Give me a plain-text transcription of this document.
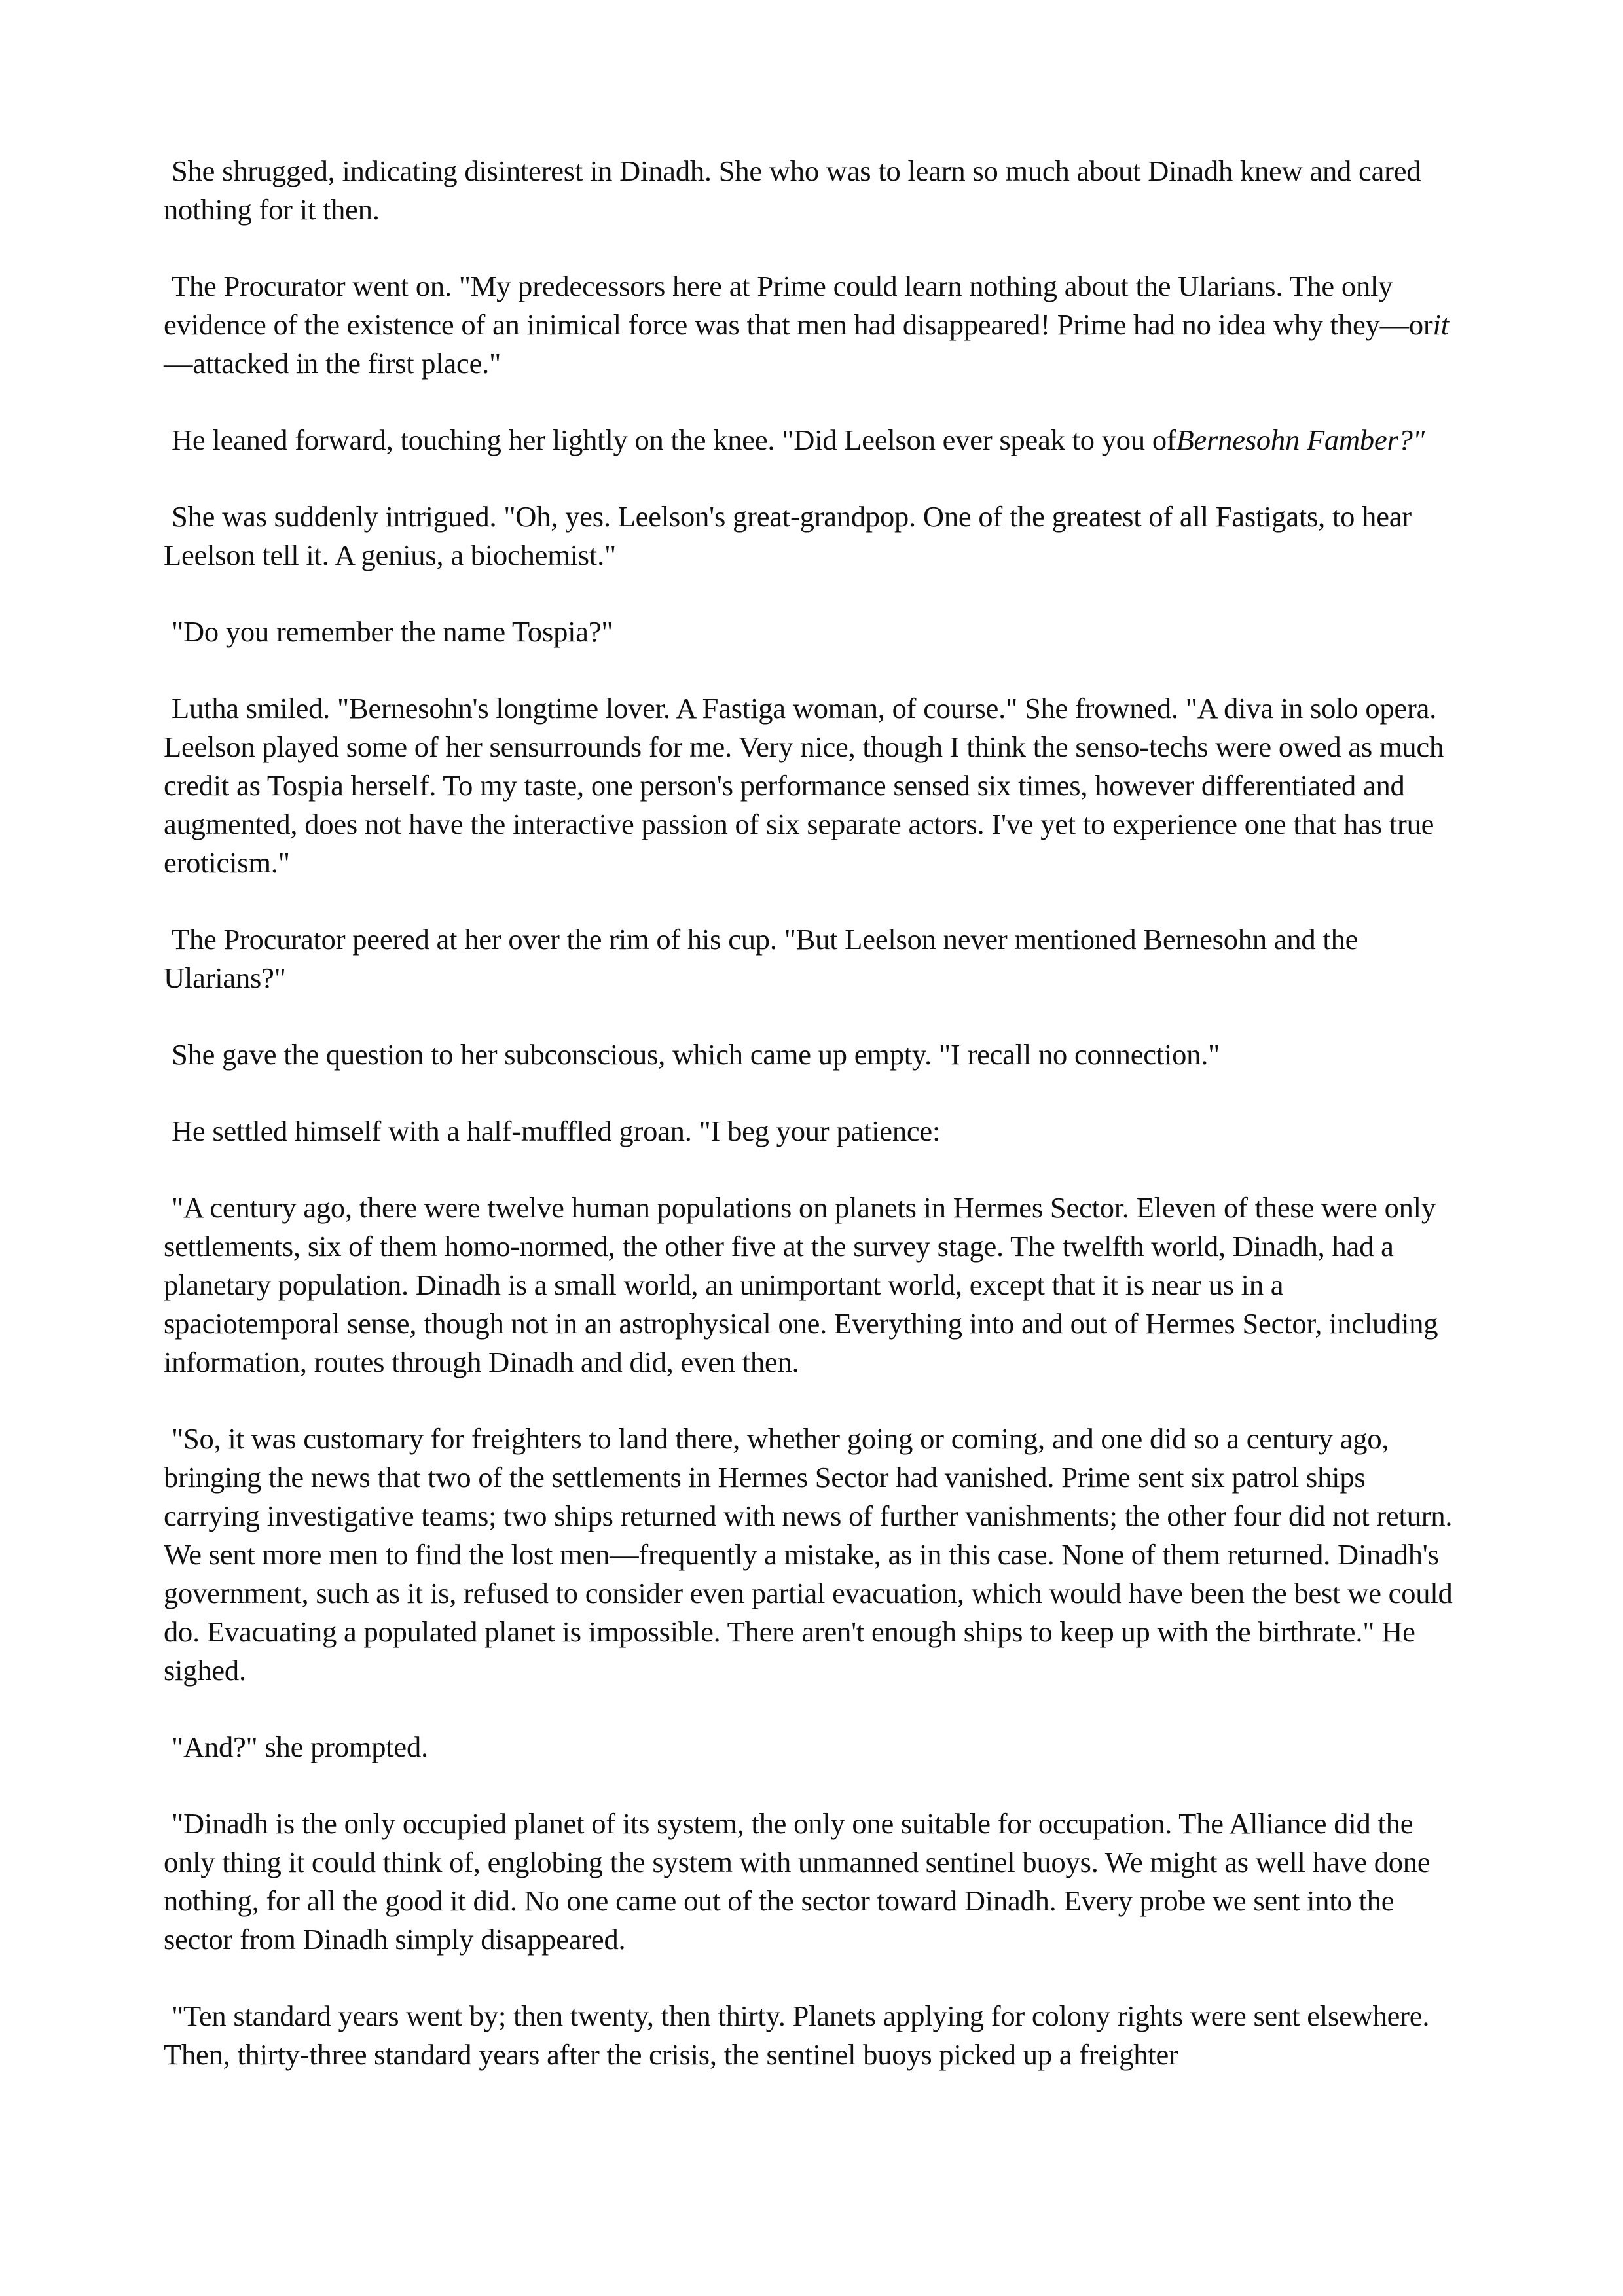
She shrugged, indicating disinterest in Dinadh. She who was to learn so much about Dinadh knew and cared nothing for it then.

The Procurator went on. "My predecessors here at Prime could learn nothing about the Ularians. The only evidence of the existence of an inimical force was that men had disappeared! Prime had no idea why they—orit —attacked in the first place."

He leaned forward, touching her lightly on the knee. "Did Leelson ever speak to you ofBernesohn Famber?"

She was suddenly intrigued. "Oh, yes. Leelson's great-grandpop. One of the greatest of all Fastigats, to hear Leelson tell it. A genius, a biochemist."

"Do you remember the name Tospia?"

Lutha smiled. "Bernesohn's longtime lover. A Fastiga woman, of course." She frowned. "A diva in solo opera. Leelson played some of her sensurrounds for me. Very nice, though I think the senso-techs were owed as much credit as Tospia herself. To my taste, one person's performance sensed six times, however differentiated and augmented, does not have the interactive passion of six separate actors. I've yet to experience one that has true eroticism."

The Procurator peered at her over the rim of his cup. "But Leelson never mentioned Bernesohn and the Ularians?"

She gave the question to her subconscious, which came up empty. "I recall no connection."

He settled himself with a half-muffled groan. "I beg your patience:

"A century ago, there were twelve human populations on planets in Hermes Sector. Eleven of these were only settlements, six of them homo-normed, the other five at the survey stage. The twelfth world, Dinadh, had a planetary population. Dinadh is a small world, an unimportant world, except that it is near us in a spaciotemporal sense, though not in an astrophysical one. Everything into and out of Hermes Sector, including information, routes through Dinadh and did, even then.

"So, it was customary for freighters to land there, whether going or coming, and one did so a century ago, bringing the news that two of the settlements in Hermes Sector had vanished. Prime sent six patrol ships carrying investigative teams; two ships returned with news of further vanishments; the other four did not return. We sent more men to find the lost men—frequently a mistake, as in this case. None of them returned. Dinadh's government, such as it is, refused to consider even partial evacuation, which would have been the best we could do. Evacuating a populated planet is impossible. There aren't enough ships to keep up with the birthrate." He sighed.

"And?" she prompted.

"Dinadh is the only occupied planet of its system, the only one suitable for occupation. The Alliance did the only thing it could think of, englobing the system with unmanned sentinel buoys. We might as well have done nothing, for all the good it did. No one came out of the sector toward Dinadh. Every probe we sent into the sector from Dinadh simply disappeared.

"Ten standard years went by; then twenty, then thirty. Planets applying for colony rights were sent elsewhere. Then, thirty-three standard years after the crisis, the sentinel buoys picked up a freighter
